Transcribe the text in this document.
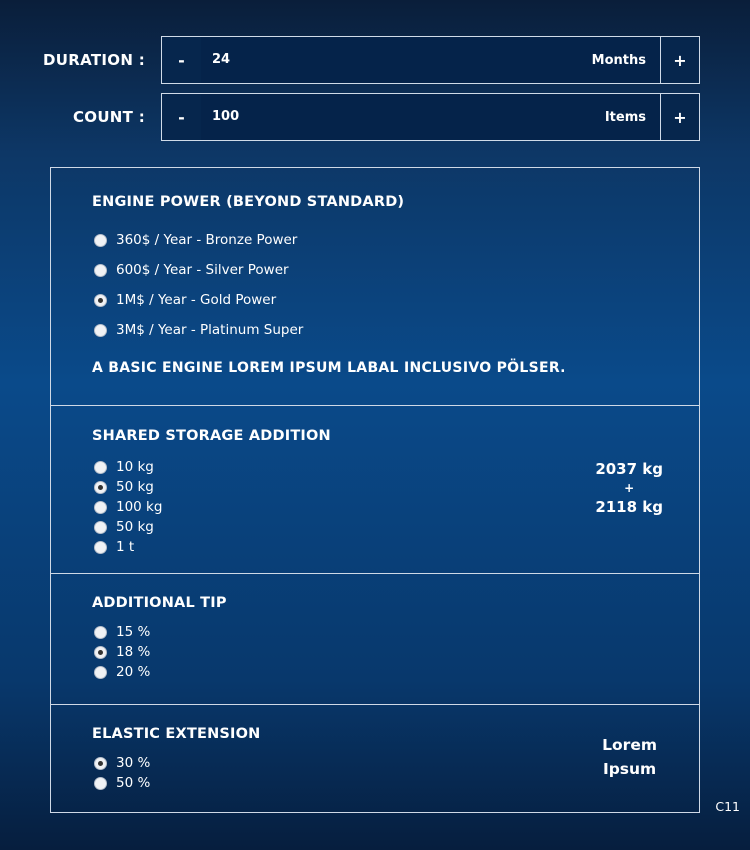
DURATION :	-	24	Months	+
COUNT :	-	100	Items	+
ENGINE POWER (BEYOND STANDARD)
360$ / Year - Bronze Power
600$ / Year - Silver Power
1M$ / Year - Gold Power
3M$ / Year - Platinum Super
A BASIC ENGINE LOREM IPSUM LABAL INCLUSIVO PÖLSER.
SHARED STORAGE ADDITION
10 kg
50 kg
100 kg
50 kg
1 t
2037 kg
+
2118 kg
ADDITIONAL TIP
15 %
18 %
20 %
ELASTIC EXTENSION
30 %
50 %
Lorem
Ipsum
C11
